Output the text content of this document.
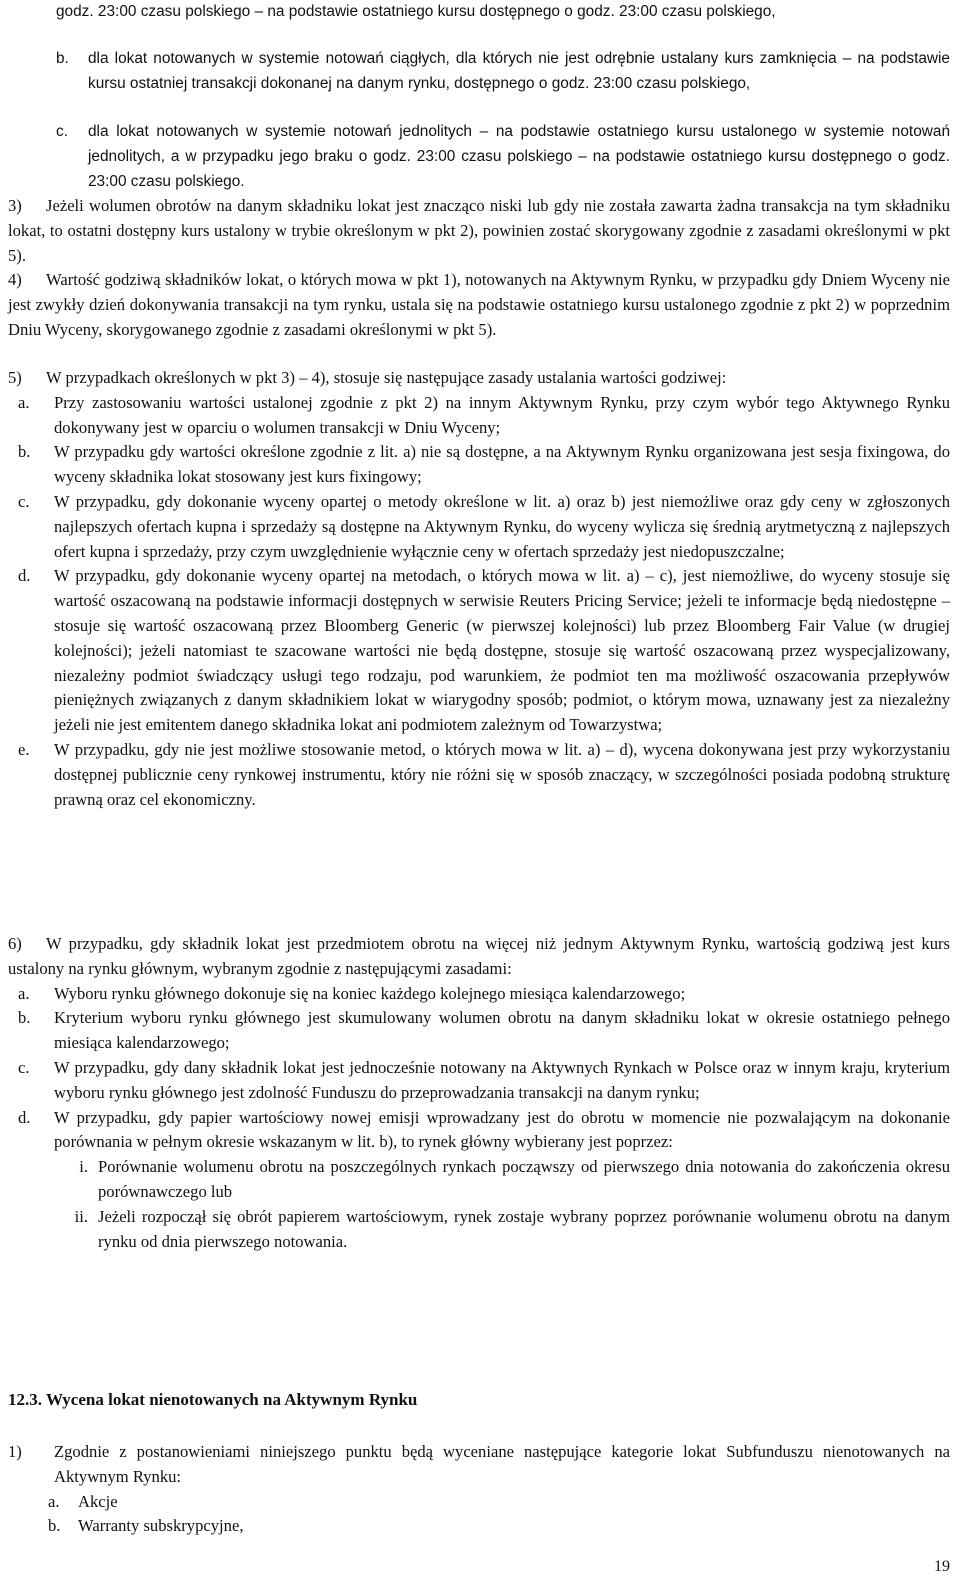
godz. 23:00 czasu polskiego – na podstawie ostatniego kursu dostępnego o godz. 23:00 czasu polskiego,
b.	dla lokat notowanych w systemie notowań ciągłych, dla których nie jest odrębnie ustalany kurs zamknięcia – na podstawie kursu ostatniej transakcji dokonanej na danym rynku, dostępnego o godz. 23:00 czasu polskiego,
c.	dla lokat notowanych w systemie notowań jednolitych – na podstawie ostatniego kursu ustalonego w systemie notowań jednolitych, a w przypadku jego braku o godz. 23:00 czasu polskiego – na podstawie ostatniego kursu dostępnego o godz. 23:00 czasu polskiego.
3)	Jeżeli wolumen obrotów na danym składniku lokat jest znacząco niski lub gdy nie została zawarta żadna transakcja na tym składniku lokat, to ostatni dostępny kurs ustalony w trybie określonym w pkt 2), powinien zostać skorygowany zgodnie z zasadami określonymi w pkt 5).
4)	Wartość godziwą składników lokat, o których mowa w pkt 1), notowanych na Aktywnym Rynku, w przypadku gdy Dniem Wyceny nie jest zwykły dzień dokonywania transakcji na tym rynku, ustala się na podstawie ostatniego kursu ustalonego zgodnie z pkt 2) w poprzednim Dniu Wyceny, skorygowanego zgodnie z zasadami określonymi w pkt 5).
5)	W przypadkach określonych w pkt 3) – 4), stosuje się następujące zasady ustalania wartości godziwej:
a.	Przy zastosowaniu wartości ustalonej zgodnie z pkt 2) na innym Aktywnym Rynku, przy czym wybór tego Aktywnego Rynku dokonywany jest w oparciu o wolumen transakcji w Dniu Wyceny;
b.	W przypadku gdy wartości określone zgodnie z lit. a) nie są dostępne, a na Aktywnym Rynku organizowana jest sesja fixingowa, do wyceny składnika lokat stosowany jest kurs fixingowy;
c.	W przypadku, gdy dokonanie wyceny opartej o metody określone w lit. a) oraz b) jest niemożliwe oraz gdy ceny w zgłoszonych najlepszych ofertach kupna i sprzedaży są dostępne na Aktywnym Rynku, do wyceny wylicza się średnią arytmetyczną z najlepszych ofert kupna i sprzedaży, przy czym uwzględnienie wyłącznie ceny w ofertach sprzedaży jest niedopuszczalne;
d.	W przypadku, gdy dokonanie wyceny opartej na metodach, o których mowa w lit. a) – c), jest niemożliwe, do wyceny stosuje się wartość oszacowaną na podstawie informacji dostępnych w serwisie Reuters Pricing Service; jeżeli te informacje będą niedostępne – stosuje się wartość oszacowaną przez Bloomberg Generic (w pierwszej kolejności) lub przez Bloomberg Fair Value (w drugiej kolejności); jeżeli natomiast te szacowane wartości nie będą dostępne, stosuje się wartość oszacowaną przez wyspecjalizowany, niezależny podmiot świadczący usługi tego rodzaju, pod warunkiem, że podmiot ten ma możliwość oszacowania przepływów pieniężnych związanych z danym składnikiem lokat w wiarygodny sposób; podmiot, o którym mowa, uznawany jest za niezależny jeżeli nie jest emitentem danego składnika lokat ani podmiotem zależnym od Towarzystwa;
e.	W przypadku, gdy nie jest możliwe stosowanie metod, o których mowa w lit. a) – d), wycena dokonywana jest przy wykorzystaniu dostępnej publicznie ceny rynkowej instrumentu, który nie różni się w sposób znaczący, w szczególności posiada podobną strukturę prawną oraz cel ekonomiczny.
6)	W przypadku, gdy składnik lokat jest przedmiotem obrotu na więcej niż jednym Aktywnym Rynku, wartością godziwą jest kurs ustalony na rynku głównym, wybranym zgodnie z następującymi zasadami:
a.	Wyboru rynku głównego dokonuje się na koniec każdego kolejnego miesiąca kalendarzowego;
b.	Kryterium wyboru rynku głównego jest skumulowany wolumen obrotu na danym składniku lokat w okresie ostatniego pełnego miesiąca kalendarzowego;
c.	W przypadku, gdy dany składnik lokat jest jednocześnie notowany na Aktywnych Rynkach w Polsce oraz w innym kraju, kryterium wyboru rynku głównego jest zdolność Funduszu do przeprowadzania transakcji na danym rynku;
d.	W przypadku, gdy papier wartościowy nowej emisji wprowadzany jest do obrotu w momencie nie pozwalającym na dokonanie porównania w pełnym okresie wskazanym w lit. b), to rynek główny wybierany jest poprzez:
i. Porównanie wolumenu obrotu na poszczególnych rynkach począwszy od pierwszego dnia notowania do zakończenia okresu porównawczego lub
ii. Jeżeli rozpoczął się obrót papierem wartościowym, rynek zostaje wybrany poprzez porównanie wolumenu obrotu na danym rynku od dnia pierwszego notowania.
12.3. Wycena lokat nienotowanych na Aktywnym Rynku
1)	Zgodnie z postanowieniami niniejszego punktu będą wyceniane następujące kategorie lokat Subfunduszu nienotowanych na Aktywnym Rynku:
a.	Akcje
b.	Warranty subskrypcyjne,
19
